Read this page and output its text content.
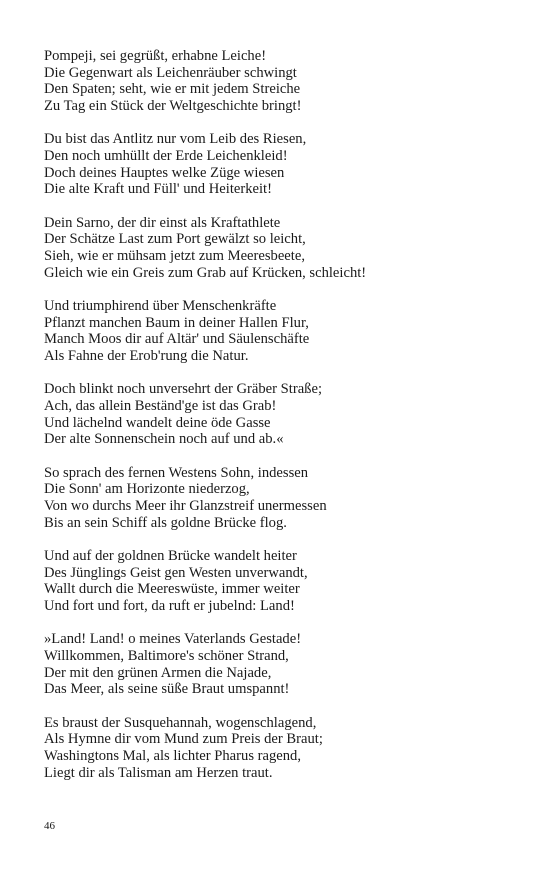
Pompeji, sei gegrüßt, erhabne Leiche!
Die Gegenwart als Leichenräuber schwingt
Den Spaten; seht, wie er mit jedem Streiche
Zu Tag ein Stück der Weltgeschichte bringt!
Du bist das Antlitz nur vom Leib des Riesen,
Den noch umhüllt der Erde Leichenkleid!
Doch deines Hauptes welke Züge wiesen
Die alte Kraft und Füll' und Heiterkeit!
Dein Sarno, der dir einst als Kraftathlete
Der Schätze Last zum Port gewälzt so leicht,
Sieh, wie er mühsam jetzt zum Meeresbeete,
Gleich wie ein Greis zum Grab auf Krücken, schleicht!
Und triumphirend über Menschenkräfte
Pflanzt manchen Baum in deiner Hallen Flur,
Manch Moos dir auf Altär' und Säulenschäfte
Als Fahne der Erob'rung die Natur.
Doch blinkt noch unversehrt der Gräber Straße;
Ach, das allein Beständ'ge ist das Grab!
Und lächelnd wandelt deine öde Gasse
Der alte Sonnenschein noch auf und ab.«
So sprach des fernen Westens Sohn, indessen
Die Sonn' am Horizonte niederzog,
Von wo durchs Meer ihr Glanzstreif unermessen
Bis an sein Schiff als goldne Brücke flog.
Und auf der goldnen Brücke wandelt heiter
Des Jünglings Geist gen Westen unverwandt,
Wallt durch die Meereswüste, immer weiter
Und fort und fort, da ruft er jubelnd: Land!
»Land! Land! o meines Vaterlands Gestade!
Willkommen, Baltimore's schöner Strand,
Der mit den grünen Armen die Najade,
Das Meer, als seine süße Braut umspannt!
Es braust der Susquehannah, wogenschlagend,
Als Hymne dir vom Mund zum Preis der Braut;
Washingtons Mal, als lichter Pharus ragend,
Liegt dir als Talisman am Herzen traut.
46
